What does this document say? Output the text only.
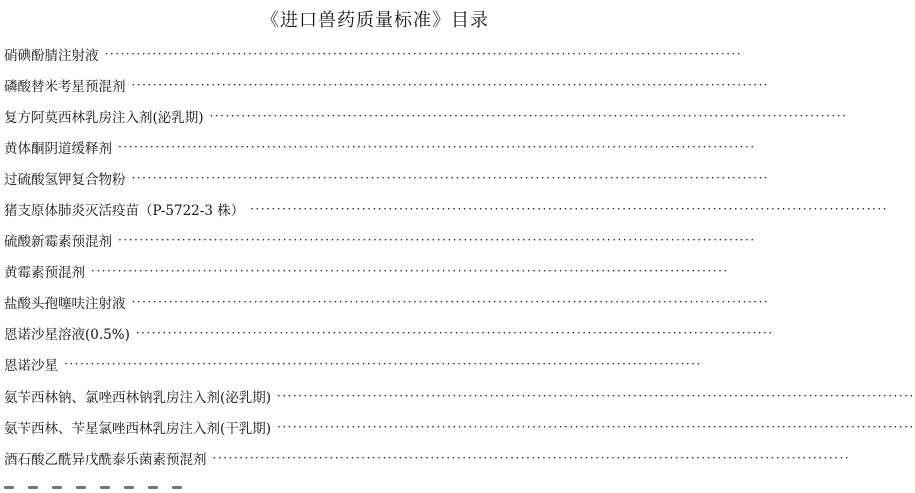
《进口兽药质量标准》目录
硝碘酚腈注射液 ························································································································
磷酸替米考星预混剂 ························································································································
复方阿莫西林乳房注入剂(泌乳期) ························································································································
黄体酮阴道缓释剂 ························································································································
过硫酸氢钾复合物粉 ························································································································
猪支原体肺炎灭活疫苗（P-5722-3 株） ························································································································
硫酸新霉素预混剂 ························································································································
黄霉素预混剂 ························································································································
盐酸头孢噻呋注射液 ························································································································
恩诺沙星溶液(0.5%) ························································································································
恩诺沙星 ························································································································
氨苄西林钠、氯唑西林钠乳房注入剂(泌乳期) ························································································································
氨苄西林、苄星氯唑西林乳房注入剂(干乳期) ························································································································
酒石酸乙酰异戊酰泰乐菌素预混剂 ························································································································
